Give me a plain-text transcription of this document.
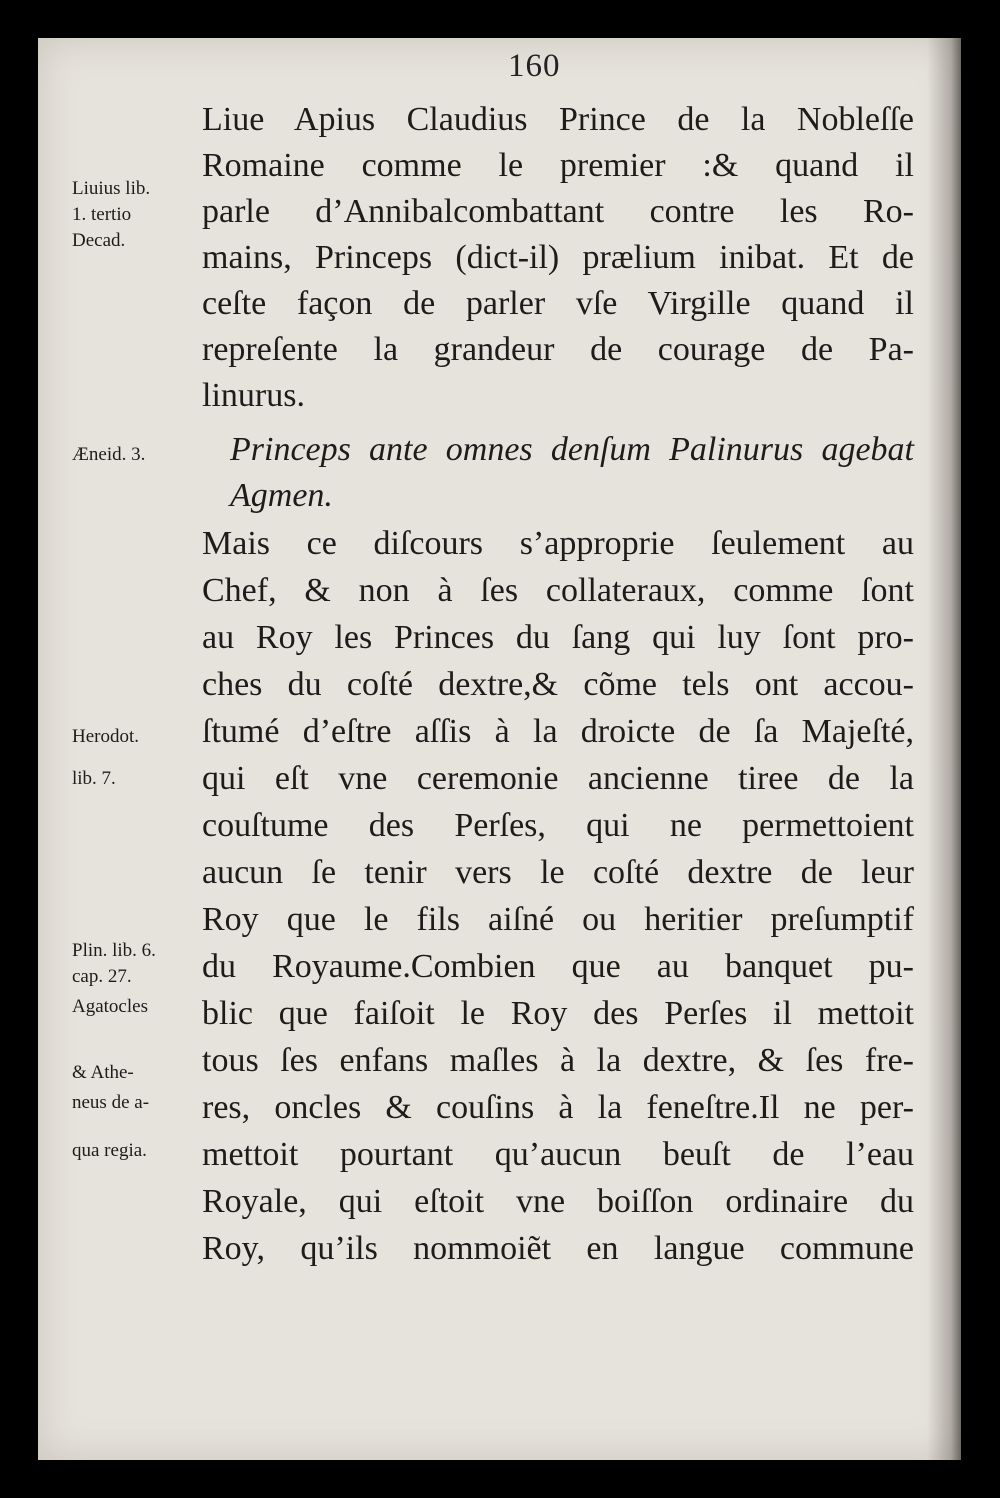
160
Liue Apius Claudius Prince de la Nobleſſe
Romaine comme le premier :& quand il
parle d’Annibalcombattant contre les Ro-
mains, Princeps (dict-il) prælium inibat. Et de
ceſte façon de parler vſe Virgille quand il
repreſente la grandeur de courage de Pa-
linurus.
Princeps ante omnes denſum Palinurus agebat
Agmen.
Mais ce diſcours s’approprie ſeulement au
Chef, & non à ſes collateraux, comme ſont
au Roy les Princes du ſang qui luy ſont pro-
ches du coſté dextre,& cõme tels ont accou-
ſtumé d’eſtre aſſis à la droicte de ſa Majeſté,
qui eſt vne ceremonie ancienne tiree de la
couſtume des Perſes, qui ne permettoient
aucun ſe tenir vers le coſté dextre de leur
Roy que le fils aiſné ou heritier preſumptif
du Royaume.Combien que au banquet pu-
blic que faiſoit le Roy des Perſes il mettoit
tous ſes enfans maſles à la dextre, & ſes fre-
res, oncles & couſins à la feneſtre.Il ne per-
mettoit pourtant qu’aucun beuſt de l’eau
Royale, qui eſtoit vne boiſſon ordinaire du
Roy, qu’ils nommoiẽt en langue commune
Liuius lib.
1. tertio
Decad.
Æneid. 3.
Herodot.
lib. 7.
Plin. lib. 6.
cap. 27.
Agatocles
& Athe-
neus de a-
qua regia.
